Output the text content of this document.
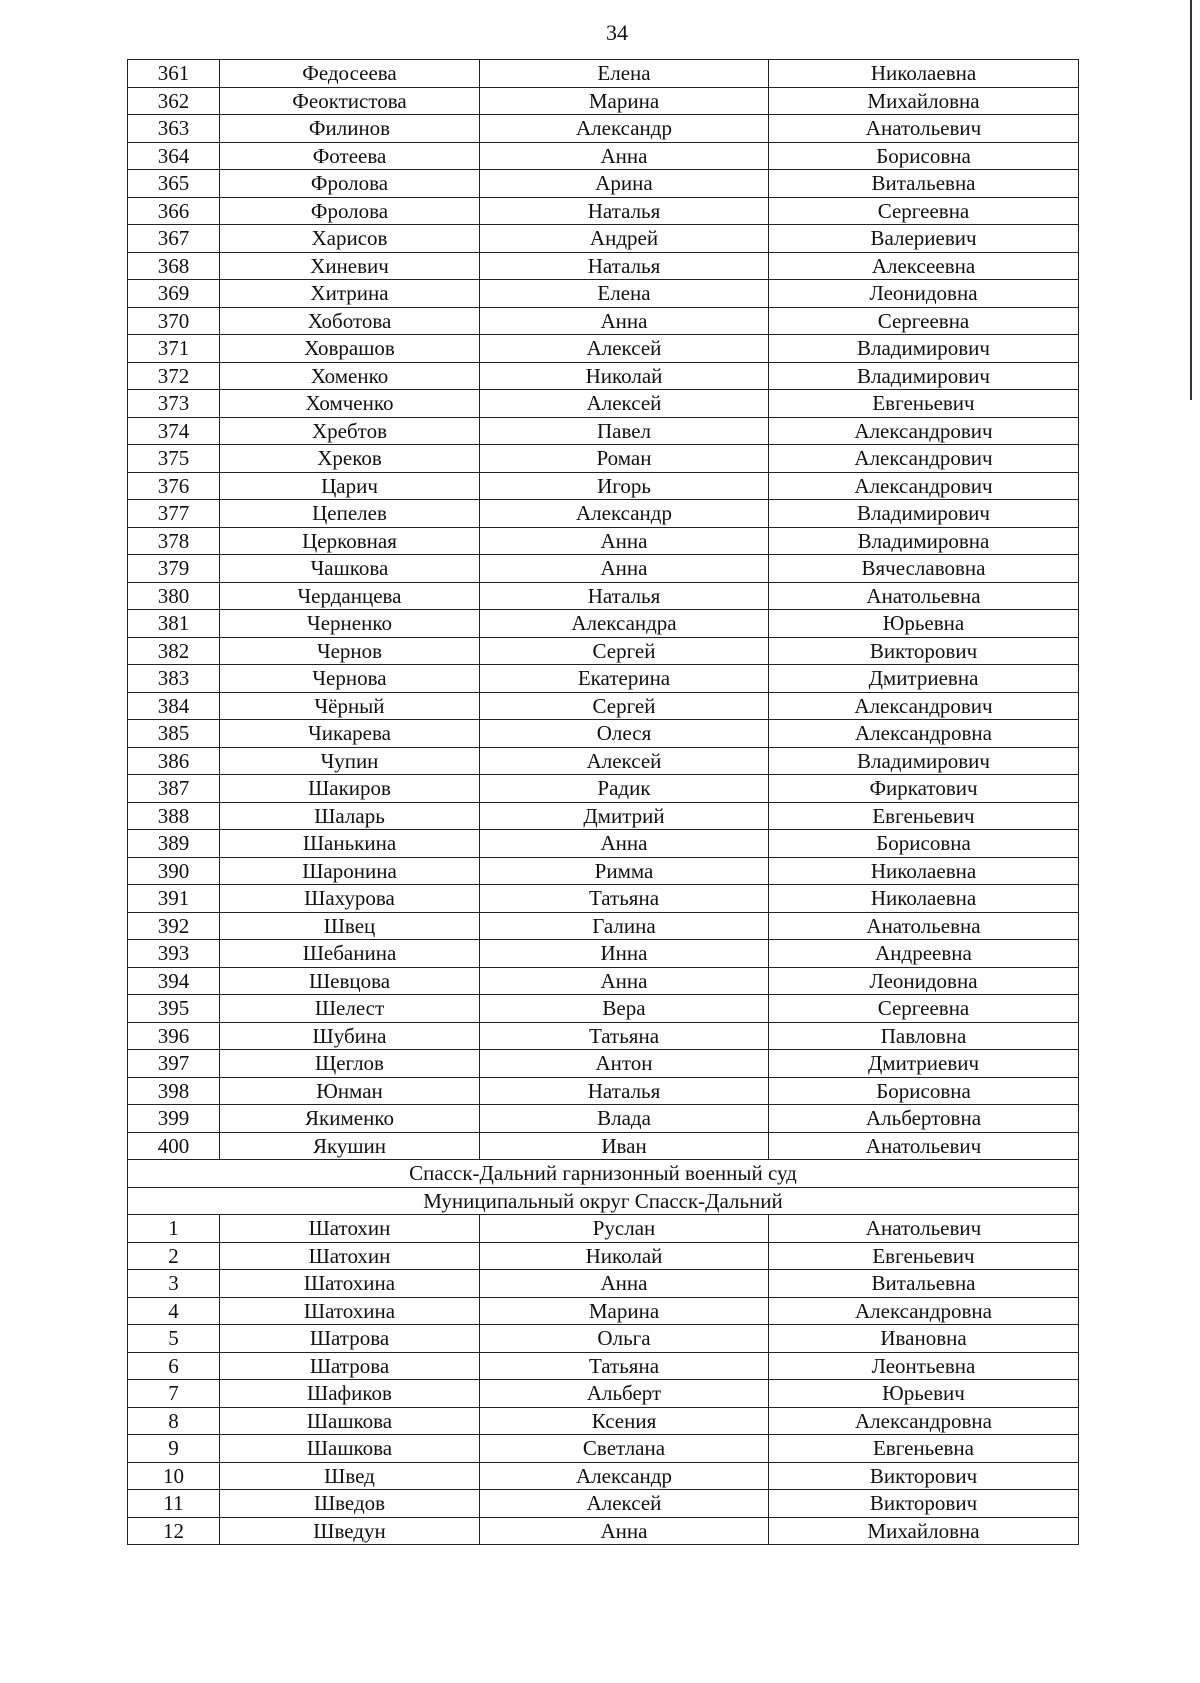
34
361	Федосеева	Елена	Николаевна
362	Феоктистова	Марина	Михайловна
363	Филинов	Александр	Анатольевич
364	Фотеева	Анна	Борисовна
365	Фролова	Арина	Витальевна
366	Фролова	Наталья	Сергеевна
367	Харисов	Андрей	Валериевич
368	Хиневич	Наталья	Алексеевна
369	Хитрина	Елена	Леонидовна
370	Хоботова	Анна	Сергеевна
371	Ховрашов	Алексей	Владимирович
372	Хоменко	Николай	Владимирович
373	Хомченко	Алексей	Евгеньевич
374	Хребтов	Павел	Александрович
375	Хреков	Роман	Александрович
376	Царич	Игорь	Александрович
377	Цепелев	Александр	Владимирович
378	Церковная	Анна	Владимировна
379	Чашкова	Анна	Вячеславовна
380	Черданцева	Наталья	Анатольевна
381	Черненко	Александра	Юрьевна
382	Чернов	Сергей	Викторович
383	Чернова	Екатерина	Дмитриевна
384	Чёрный	Сергей	Александрович
385	Чикарева	Олеся	Александровна
386	Чупин	Алексей	Владимирович
387	Шакиров	Радик	Фиркатович
388	Шаларь	Дмитрий	Евгеньевич
389	Шанькина	Анна	Борисовна
390	Шаронина	Римма	Николаевна
391	Шахурова	Татьяна	Николаевна
392	Швец	Галина	Анатольевна
393	Шебанина	Инна	Андреевна
394	Шевцова	Анна	Леонидовна
395	Шелест	Вера	Сергеевна
396	Шубина	Татьяна	Павловна
397	Щеглов	Антон	Дмитриевич
398	Юнман	Наталья	Борисовна
399	Якименко	Влада	Альбертовна
400	Якушин	Иван	Анатольевич
Спасск-Дальний гарнизонный военный суд			
Муниципальный округ Спасск-Дальний			
1	Шатохин	Руслан	Анатольевич
2	Шатохин	Николай	Евгеньевич
3	Шатохина	Анна	Витальевна
4	Шатохина	Марина	Александровна
5	Шатрова	Ольга	Ивановна
6	Шатрова	Татьяна	Леонтьевна
7	Шафиков	Альберт	Юрьевич
8	Шашкова	Ксения	Александровна
9	Шашкова	Светлана	Евгеньевна
10	Швед	Александр	Викторович
11	Шведов	Алексей	Викторович
12	Шведун	Анна	Михайловна
